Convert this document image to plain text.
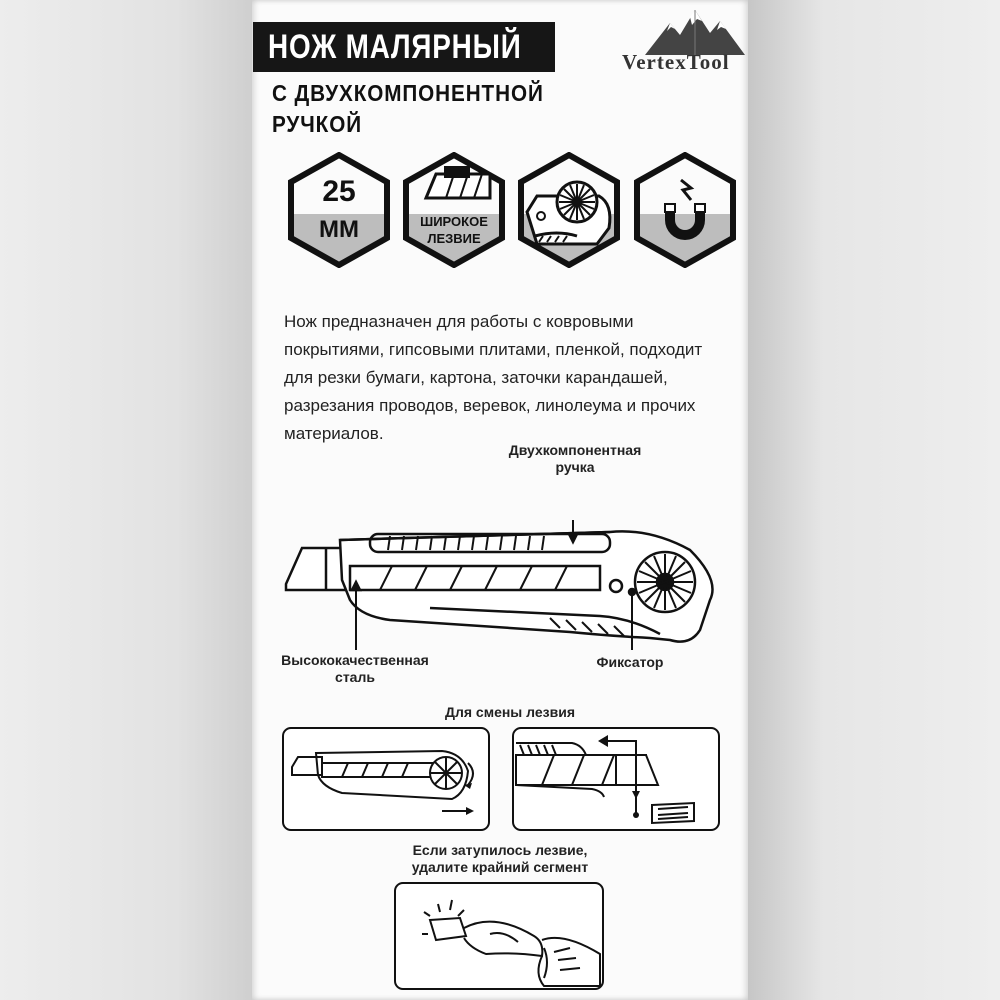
НОЖ МАЛЯРНЫЙ
С ДВУХКОМПОНЕНТНОЙ
РУЧКОЙ
VertexTool
25
ММ	ШИРОКОЕ
ЛЕЗВИЕ
Нож предназначен для работы с ковровыми
покрытиями, гипсовыми плитами, пленкой, подходит
для резки бумаги, картона, заточки карандашей,
разрезания проводов, веревок, линолеума и прочих
материалов.
Двухкомпонентная
ручка
Высококачественная
сталь
Фиксатор
Для смены лезвия
Если затупилось лезвие,
удалите крайний сегмент
